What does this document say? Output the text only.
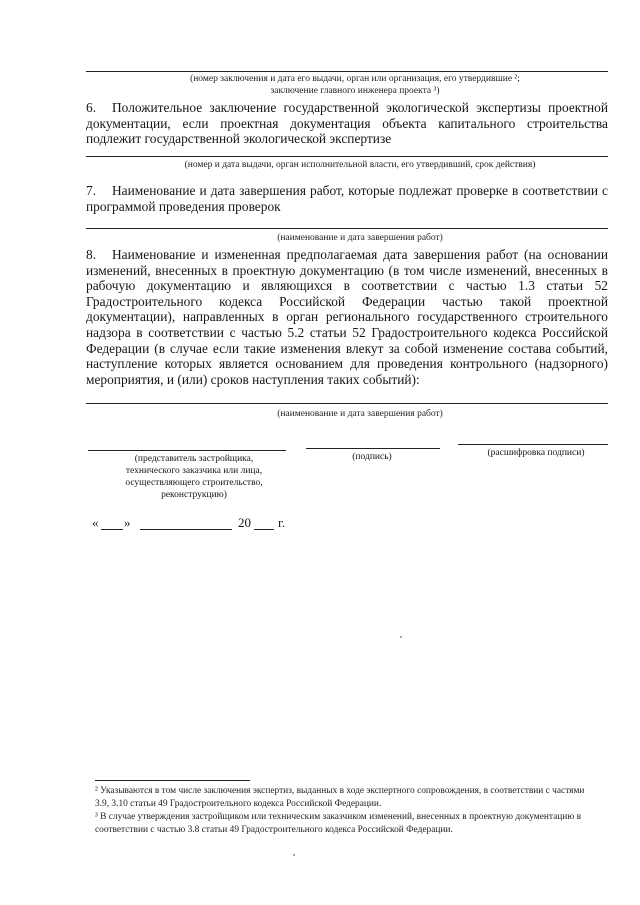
(номер заключения и дата его выдачи, орган или организация, его утвердившие ²;
заключение главного инженера проекта ³)
6. Положительное заключение государственной экологической экспертизы проектной документации, если проектная документация объекта капитального строительства подлежит государственной экологической экспертизе
(номер и дата выдачи, орган исполнительной власти, его утвердивший, срок действия)
7. Наименование и дата завершения работ, которые подлежат проверке в соответствии с программой проведения проверок
(наименование и дата завершения работ)
8. Наименование и измененная предполагаемая дата завершения работ (на основании изменений, внесенных в проектную документацию (в том числе изменений, внесенных в рабочую документацию и являющихся в соответствии с частью 1.3 статьи 52 Градостроительного кодекса Российской Федерации частью такой проектной документации), направленных в орган регионального государственного строительного надзора в соответствии с частью 5.2 статьи 52 Градостроительного кодекса Российской Федерации (в случае если такие изменения влекут за собой изменение состава событий, наступление которых является основанием для проведения контрольного (надзорного) мероприятия, и (или) сроков наступления таких событий):
(наименование и дата завершения работ)
(представитель застройщика, технического заказчика или лица, осуществляющего строительство, реконструкцию)
(подпись)	(расшифровка подписи)
« »	20 г.
² Указываются в том числе заключения экспертиз, выданных в ходе экспертного сопровождения, в соответствии с частями 3.9, 3.10 статьи 49 Градостроительного кодекса Российской Федерации.
³ В случае утверждения застройщиком или техническим заказчиком изменений, внесенных в проектную документацию в соответствии с частью 3.8 статьи 49 Градостроительного кодекса Российской Федерации.
